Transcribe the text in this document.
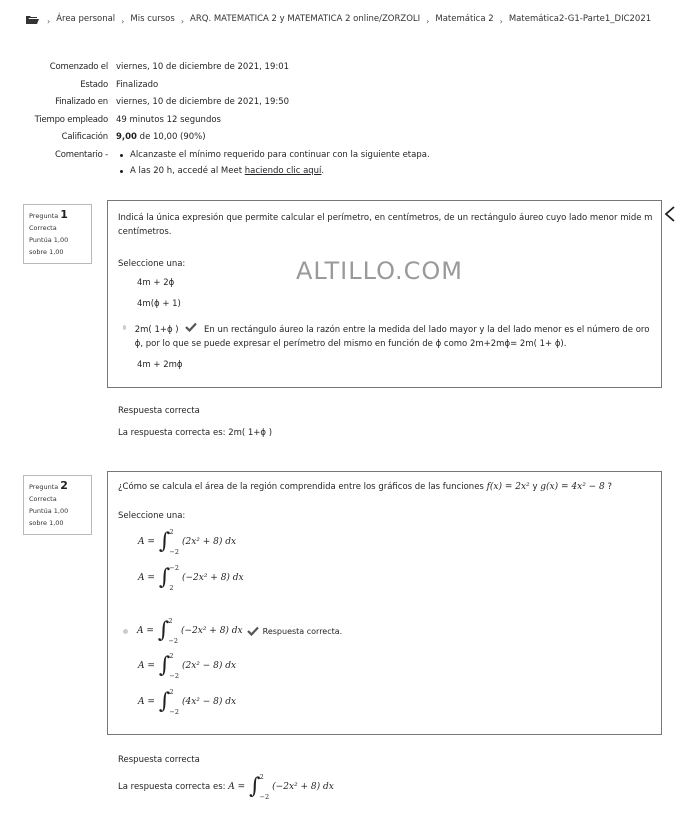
› Área personal › Mis cursos › ARQ. MATEMATICA 2 y MATEMATICA 2 online/ZORZOLI › Matemática 2 › Matemática2-G1-Parte1_DIC2021
Comenzado el viernes, 10 de diciembre de 2021, 19:01
Estado Finalizado
Finalizado en viernes, 10 de diciembre de 2021, 19:50
Tiempo empleado 49 minutos 12 segundos
Calificación 9,00 de 10,00 (90%)
Comentario -	Alcanzaste el mínimo requerido para continuar con la siguiente etapa.
A las 20 h, accedé al Meet
haciendo clic aquí .
Pregunta 1
Correcta
Puntúa 1,00
sobre 1,00
Indicá la única expresión que permite calcular el perímetro, en centímetros, de un rectángulo áureo cuyo lado menor mide m centímetros.
ALTILLO.COM
Seleccione una:
4m + 2ϕ
4m(ϕ + 1)
2m( 1+ϕ )	En un rectángulo áureo la razón entre la medida del lado mayor y la del lado menor es el número de oro ϕ, por lo que se puede expresar el perímetro del mismo en función de ϕ como 2m+2mϕ= 2m( 1+ ϕ).
4m + 2mϕ
Respuesta correcta
La respuesta correcta es: 2m( 1+ϕ )
Pregunta 2
Correcta
Puntúa 1,00
sobre 1,00
¿Cómo se calcula el área de la región comprendida entre los gráficos de las funciones f(x) = 2x² y g(x) = 4x² − 8 ?
Seleccione una:
A = ∫ 2
−2
(2x² + 8) dx
A = ∫ −2
2
(−2x² + 8) dx
A = ∫ 2
−2
(−2x² + 8) dx	Respuesta correcta.
A = ∫ 2
−2
(2x² − 8) dx
A = ∫ 2
−2
(4x² − 8) dx
Respuesta correcta
La respuesta correcta es:
A = ∫ 2
−2
(−2x² + 8) dx
